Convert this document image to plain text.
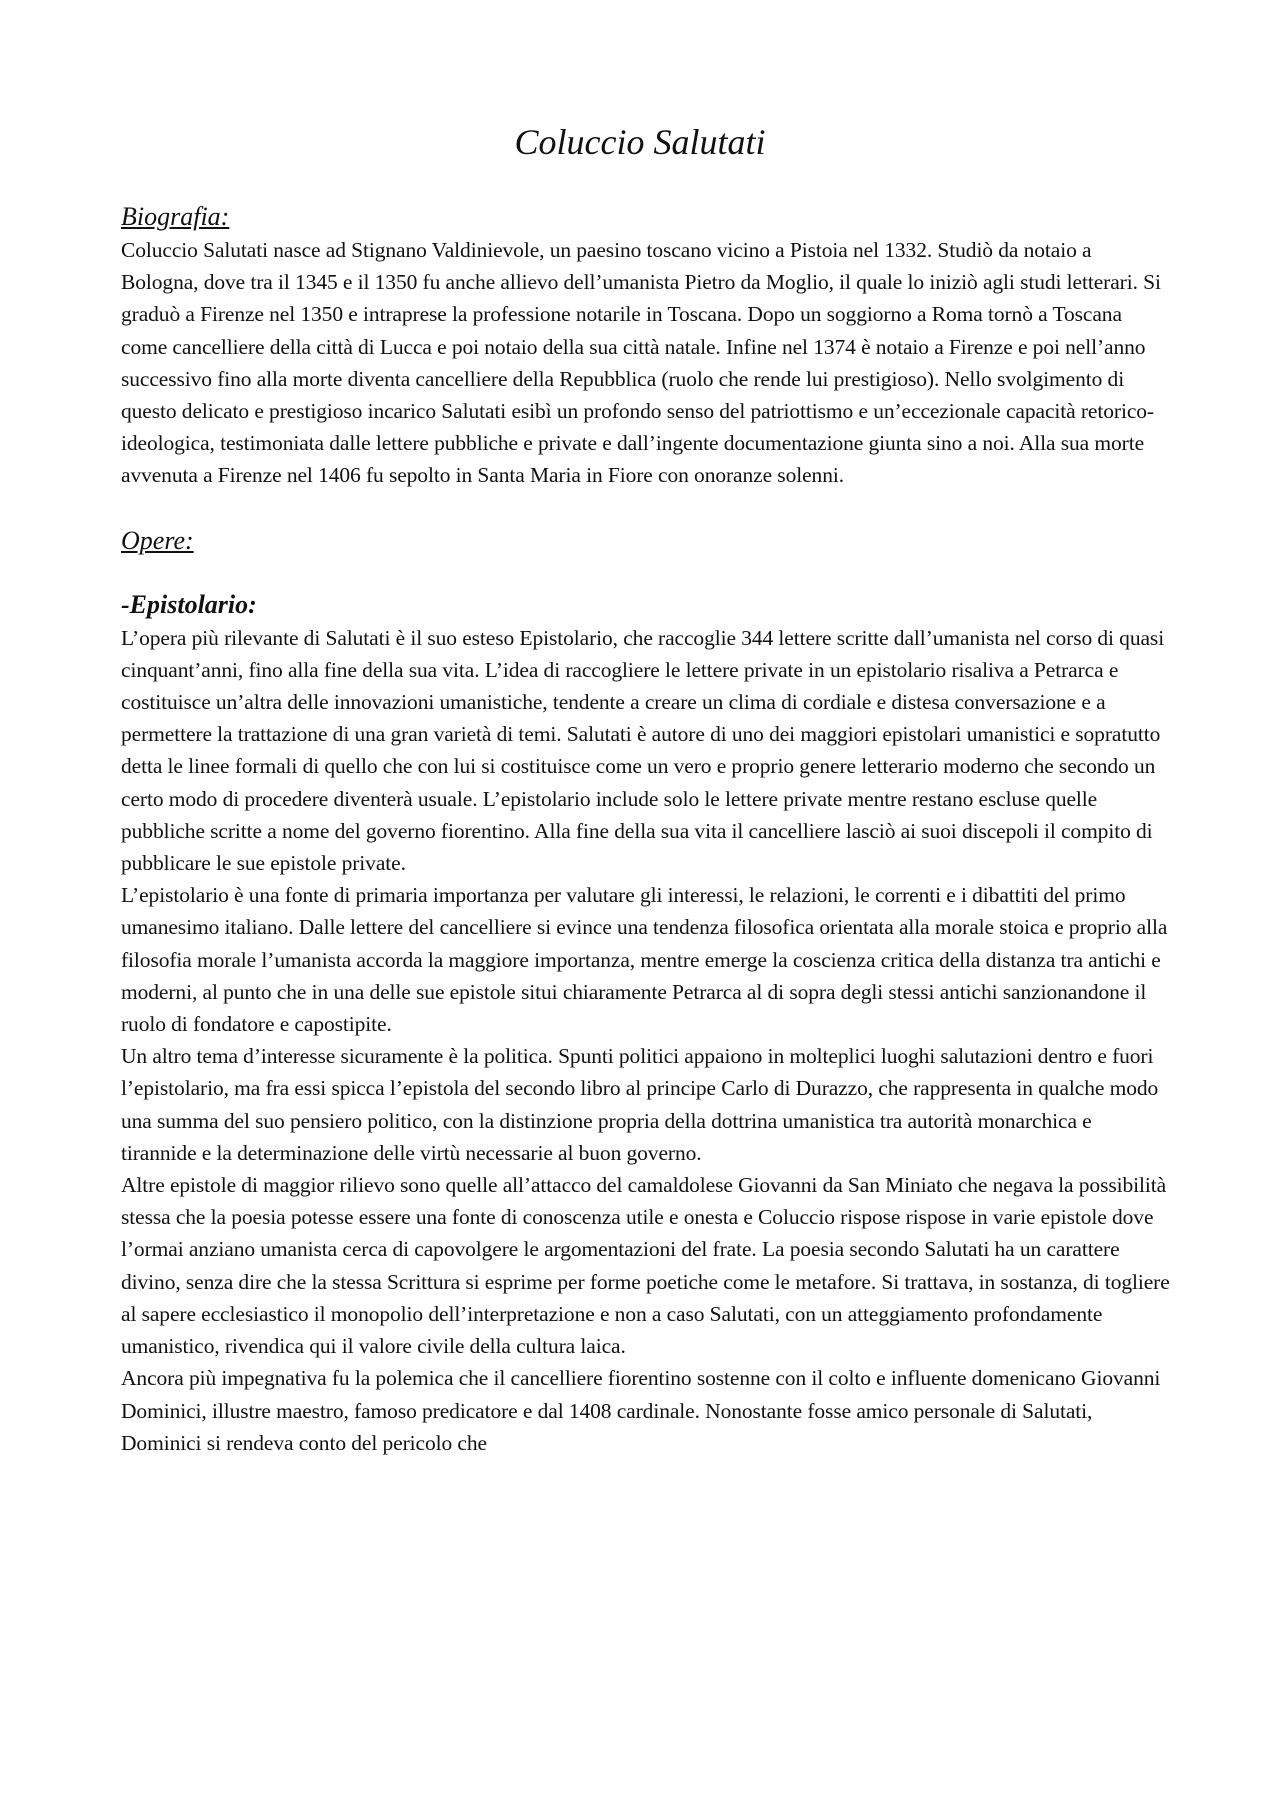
Coluccio Salutati
Biografia:

Coluccio Salutati nasce ad Stignano Valdinievole, un paesino toscano vicino a Pistoia nel 1332. Studiò da notaio a Bologna, dove tra il 1345 e il 1350 fu anche allievo dell’umanista Pietro da Moglio, il quale lo iniziò agli studi letterari. Si graduò a Firenze nel 1350 e intraprese la professione notarile in Toscana. Dopo un soggiorno a Roma tornò a Toscana come cancelliere della città di Lucca e poi notaio della sua città natale. Infine nel 1374 è notaio a Firenze e poi nell’anno successivo fino alla morte diventa cancelliere della Repubblica (ruolo che rende lui prestigioso). Nello svolgimento di questo delicato e prestigioso incarico Salutati esibì un profondo senso del patriottismo e un’eccezionale capacità retorico-ideologica, testimoniata dalle lettere pubbliche e private e dall’ingente documentazione giunta sino a noi. Alla sua morte avvenuta a Firenze nel 1406 fu sepolto in Santa Maria in Fiore con onoranze solenni.

Opere:
-Epistolario:

L’opera più rilevante di Salutati è il suo esteso Epistolario, che raccoglie 344 lettere scritte dall’umanista nel corso di quasi cinquant’anni, fino alla fine della sua vita. L’idea di raccogliere le lettere private in un epistolario risaliva a Petrarca e costituisce un’altra delle innovazioni umanistiche, tendente a creare un clima di cordiale e distesa conversazione e a permettere la trattazione di una gran varietà di temi. Salutati è autore di uno dei maggiori epistolari umanistici e sopratutto detta le linee formali di quello che con lui si costituisce come un vero e proprio genere letterario moderno che secondo un certo modo di procedere diventerà usuale. L’epistolario include solo le lettere private mentre restano escluse quelle pubbliche scritte a nome del governo fiorentino. Alla fine della sua vita il cancelliere lasciò ai suoi discepoli il compito di pubblicare le sue epistole private.

L’epistolario è una fonte di primaria importanza per valutare gli interessi, le relazioni, le correnti e i dibattiti del primo umanesimo italiano. Dalle lettere del cancelliere si evince una tendenza filosofica orientata alla morale stoica e proprio alla filosofia morale l’umanista accorda la maggiore importanza, mentre emerge la coscienza critica della distanza tra antichi e moderni, al punto che in una delle sue epistole situi chiaramente Petrarca al di sopra degli stessi antichi sanzionandone il ruolo di fondatore e capostipite.

Un altro tema d’interesse sicuramente è la politica. Spunti politici appaiono in molteplici luoghi salutazioni dentro e fuori l’epistolario, ma fra essi spicca l’epistola del secondo libro al principe Carlo di Durazzo, che rappresenta in qualche modo una summa del suo pensiero politico, con la distinzione propria della dottrina umanistica tra autorità monarchica e tirannide e la determinazione delle virtù necessarie al buon governo.

Altre epistole di maggior rilievo sono quelle all’attacco del camaldolese Giovanni da San Miniato che negava la possibilità stessa che la poesia potesse essere una fonte di conoscenza utile e onesta e Coluccio rispose rispose in varie epistole dove l’ormai anziano umanista cerca di capovolgere le argomentazioni del frate. La poesia secondo Salutati ha un carattere divino, senza dire che la stessa Scrittura si esprime per forme poetiche come le metafore. Si trattava, in sostanza, di togliere al sapere ecclesiastico il monopolio dell’interpretazione e non a caso Salutati, con un atteggiamento profondamente umanistico, rivendica qui il valore civile della cultura laica.

Ancora più impegnativa fu la polemica che il cancelliere fiorentino sostenne con il colto e influente domenicano Giovanni Dominici, illustre maestro, famoso predicatore e dal 1408 cardinale. Nonostante fosse amico personale di Salutati, Dominici si rendeva conto del pericolo che
